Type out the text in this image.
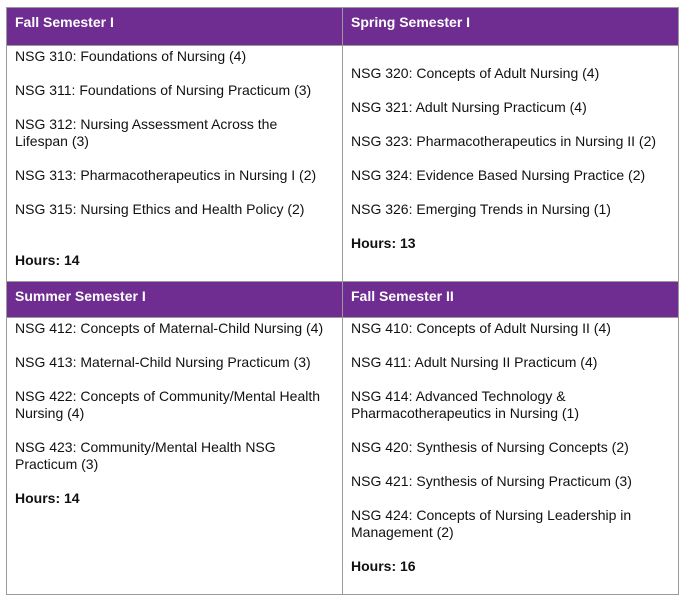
Fall Semester I	Spring Semester I
NSG 310: Foundations of Nursing (4)
NSG 311: Foundations of Nursing Practicum (3)
NSG 312: Nursing Assessment Across the Lifespan (3)
NSG 313: Pharmacotherapeutics in Nursing I (2)
NSG 315: Nursing Ethics and Health Policy (2)
Hours: 14
NSG 320: Concepts of Adult Nursing (4)
NSG 321: Adult Nursing Practicum (4)
NSG 323: Pharmacotherapeutics in Nursing II (2)
NSG 324: Evidence Based Nursing Practice (2)
NSG 326: Emerging Trends in Nursing (1)
Hours: 13
Summer Semester I	Fall Semester II
NSG 412: Concepts of Maternal-Child Nursing (4)
NSG 413: Maternal-Child Nursing Practicum (3)
NSG 422: Concepts of Community/Mental Health Nursing (4)
NSG 423: Community/Mental Health NSG Practicum (3)
Hours: 14
NSG 410: Concepts of Adult Nursing II (4)
NSG 411: Adult Nursing II Practicum (4)
NSG 414: Advanced Technology & Pharmacotherapeutics in Nursing (1)
NSG 420: Synthesis of Nursing Concepts (2)
NSG 421: Synthesis of Nursing Practicum (3)
NSG 424: Concepts of Nursing Leadership in Management (2)
Hours: 16
